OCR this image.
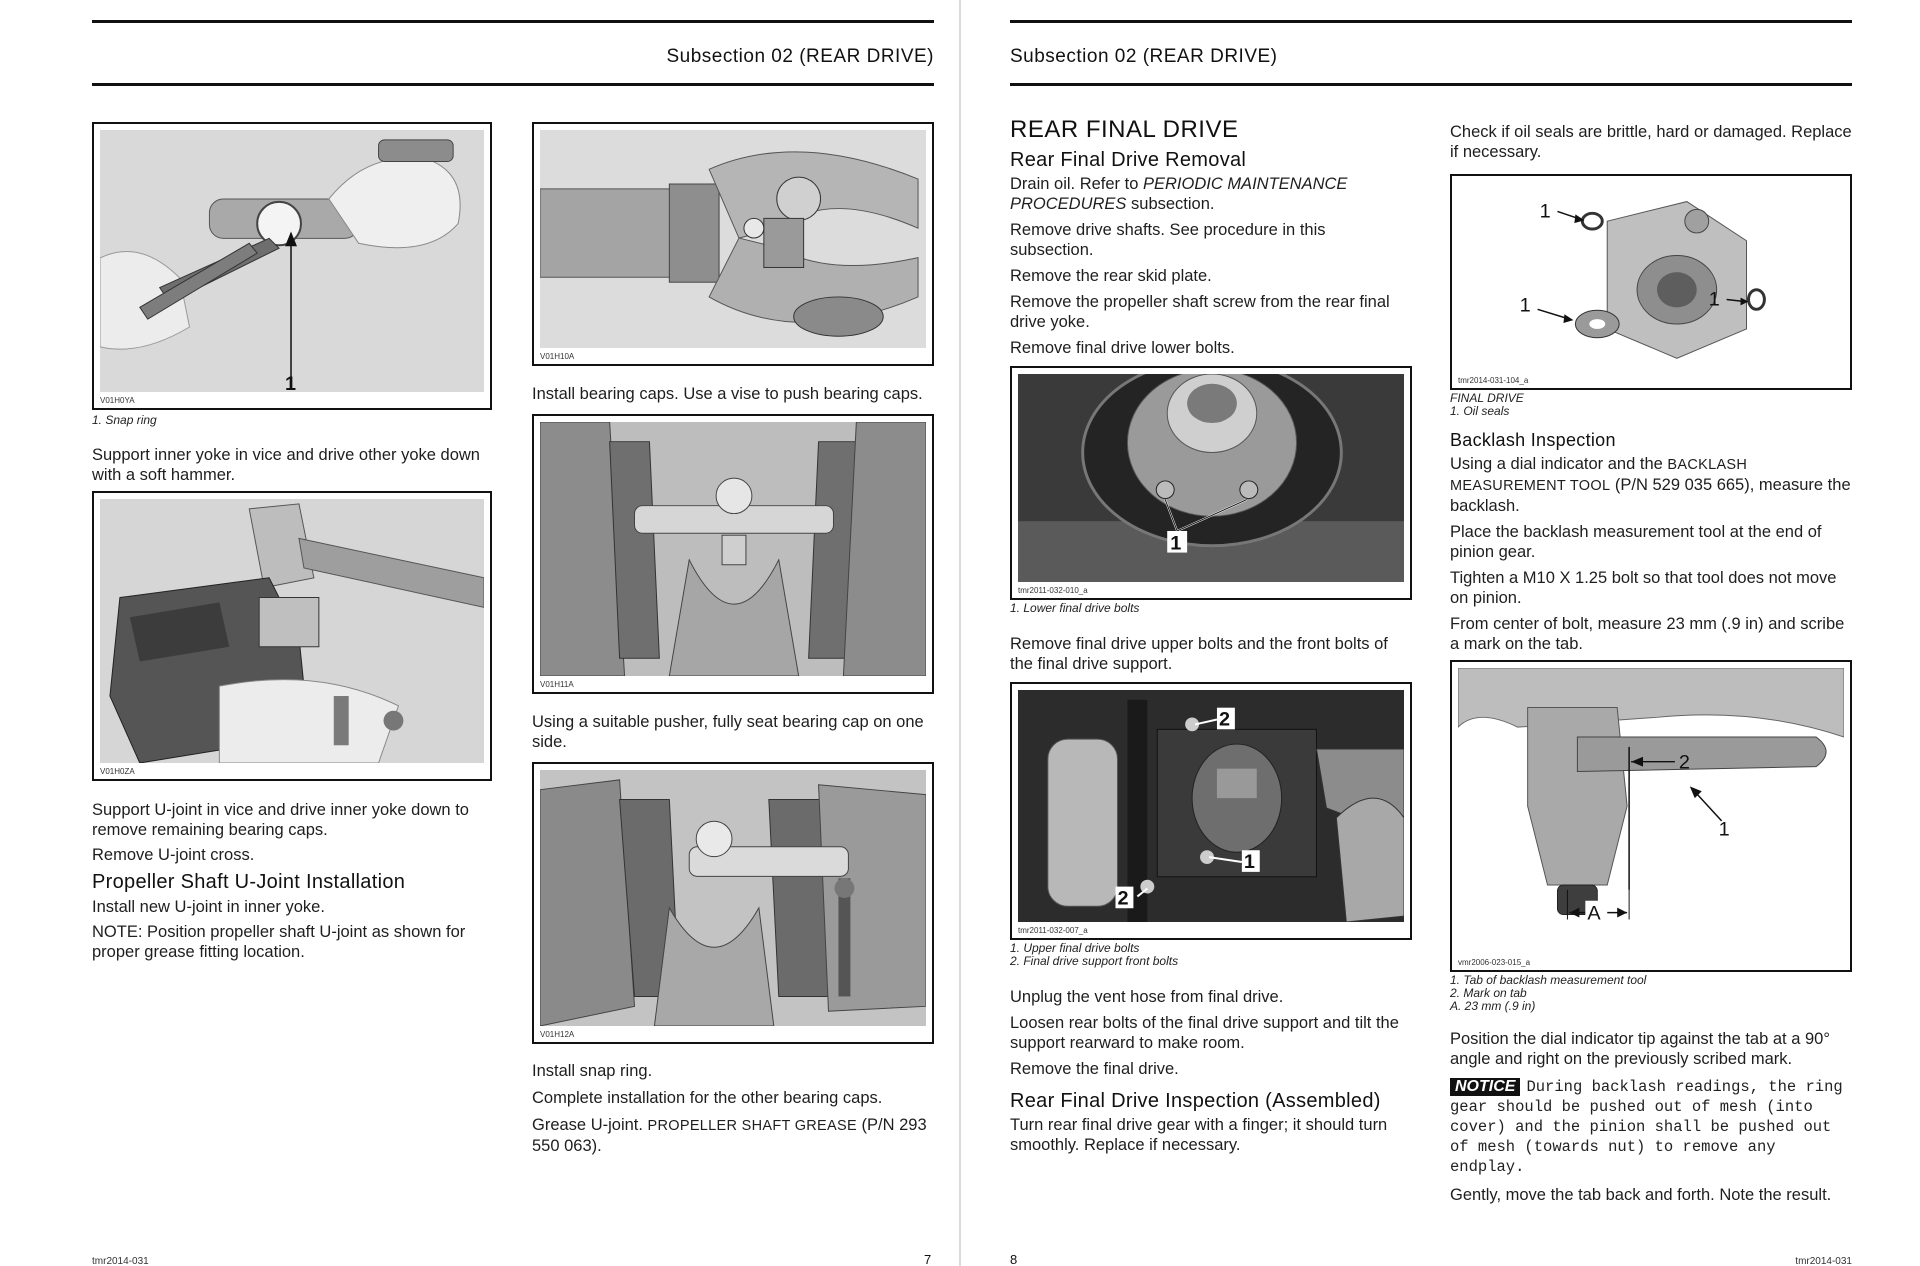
Subsection 02 (REAR DRIVE)
1
V01H0YA
1. Snap ring

Support inner yoke in vice and drive other yoke down with a soft hammer.

V01H0ZA

Support U-joint in vice and drive inner yoke down to remove remaining bearing caps.

Remove U-joint cross.

Propeller Shaft U-Joint Installation

Install new U-joint in inner yoke.

NOTE: Position propeller shaft U-joint as shown for proper grease fitting location.

V01H10A

Install bearing caps. Use a vise to push bearing caps.

V01H11A

Using a suitable pusher, fully seat bearing cap on one side.

V01H12A

Install snap ring.

Complete installation for the other bearing caps.

Grease U-joint. PROPELLER SHAFT GREASE (P/N 293 550 063).

tmr2014-031	7
Subsection 02 (REAR DRIVE)
REAR FINAL DRIVE
Rear Final Drive Removal

Drain oil. Refer to PERIODIC MAINTENANCE PROCEDURES subsection.

Remove drive shafts. See procedure in this subsection.

Remove the rear skid plate.

Remove the propeller shaft screw from the rear final drive yoke.

Remove final drive lower bolts.

1
tmr2011-032-010_a
1. Lower final drive bolts

Remove final drive upper bolts and the front bolts of the final drive support.

2
1
2
tmr2011-032-007_a
1. Upper final drive bolts
2. Final drive support front bolts

Unplug the vent hose from final drive.

Loosen rear bolts of the final drive support and tilt the support rearward to make room.

Remove the final drive.

Rear Final Drive Inspection (Assembled)

Turn rear final drive gear with a finger; it should turn smoothly. Replace if necessary.

Check if oil seals are brittle, hard or damaged. Replace if necessary.

1
1	1
tmr2014-031-104_a
FINAL DRIVE
1. Oil seals
Backlash Inspection

Using a dial indicator and the BACKLASH MEASUREMENT TOOL (P/N 529 035 665), measure the backlash.

Place the backlash measurement tool at the end of pinion gear.

Tighten a M10 X 1.25 bolt so that tool does not move on pinion.

From center of bolt, measure 23 mm (.9 in) and scribe a mark on the tab.

A
2
1
vmr2006-023-015_a
1. Tab of backlash measurement tool
2. Mark on tab
A. 23 mm (.9 in)

Position the dial indicator tip against the tab at a 90° angle and right on the previously scribed mark.

NOTICE During backlash readings, the ring gear should be pushed out of mesh (into cover) and the pinion shall be pushed out of mesh (towards nut) to remove any endplay.

Gently, move the tab back and forth. Note the result.

8	tmr2014-031
